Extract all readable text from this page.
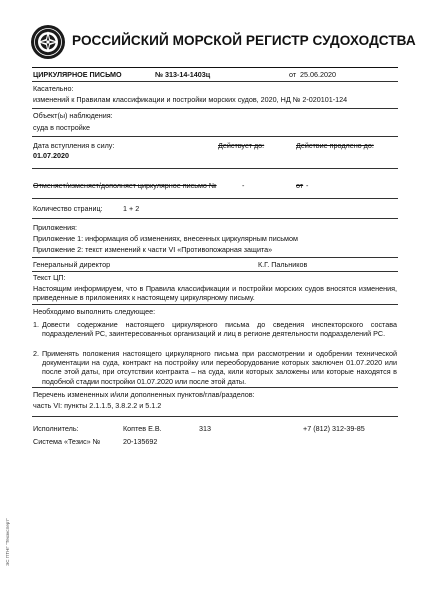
РОССИЙСКИЙ МОРСКОЙ РЕГИСТР СУДОХОДСТВА
ЦИРКУЛЯРНОЕ ПИСЬМО	№ 313-14-1403ц	от 25.06.2020
Касательно:
изменений к Правилам классификации и постройки морских судов, 2020, НД № 2-020101-124
Объект(ы) наблюдения:
суда в постройке
Дата вступления в силу:
01.07.2020
Действует до:	Действие продлено до:
Отменяет/изменяет/дополняет циркулярное письмо №	-	от -
Количество страниц:	1 + 2
Приложения:
Приложение 1: информация об изменениях, внесенных циркулярным письмом
Приложение 2: текст изменений к части VI «Противопожарная защита»
Генеральный директор	К.Г. Пальников
Текст ЦП:
Настоящим информируем, что в Правила классификации и постройки морских судов вносятся изменения, приведенные в приложениях к настоящему циркулярному письму.
Необходимо выполнить следующее:
1. Довести содержание настоящего циркулярного письма до сведения инспекторского состава подразделений РС, заинтересованных организаций и лиц в регионе деятельности подразделений РС.
2. Применять положения настоящего циркулярного письма при рассмотрении и одобрении технической документации на суда, контракт на постройку или переоборудование которых заключен 01.07.2020 или после этой даты, при отсутствии контракта – на суда, кили которых заложены или которые находятся в подобной стадии постройки 01.07.2020 или после этой даты.
Перечень измененных и/или дополненных пунктов/глав/разделов:
часть VI: пункты 2.1.1.5, 3.8.2.2 и 5.1.2
Исполнитель:	Коптев Е.В.	313	+7 (812) 312-39-85
Система «Тезис» №	20-135692
ЭС ПТНГ "Техэксперт"
